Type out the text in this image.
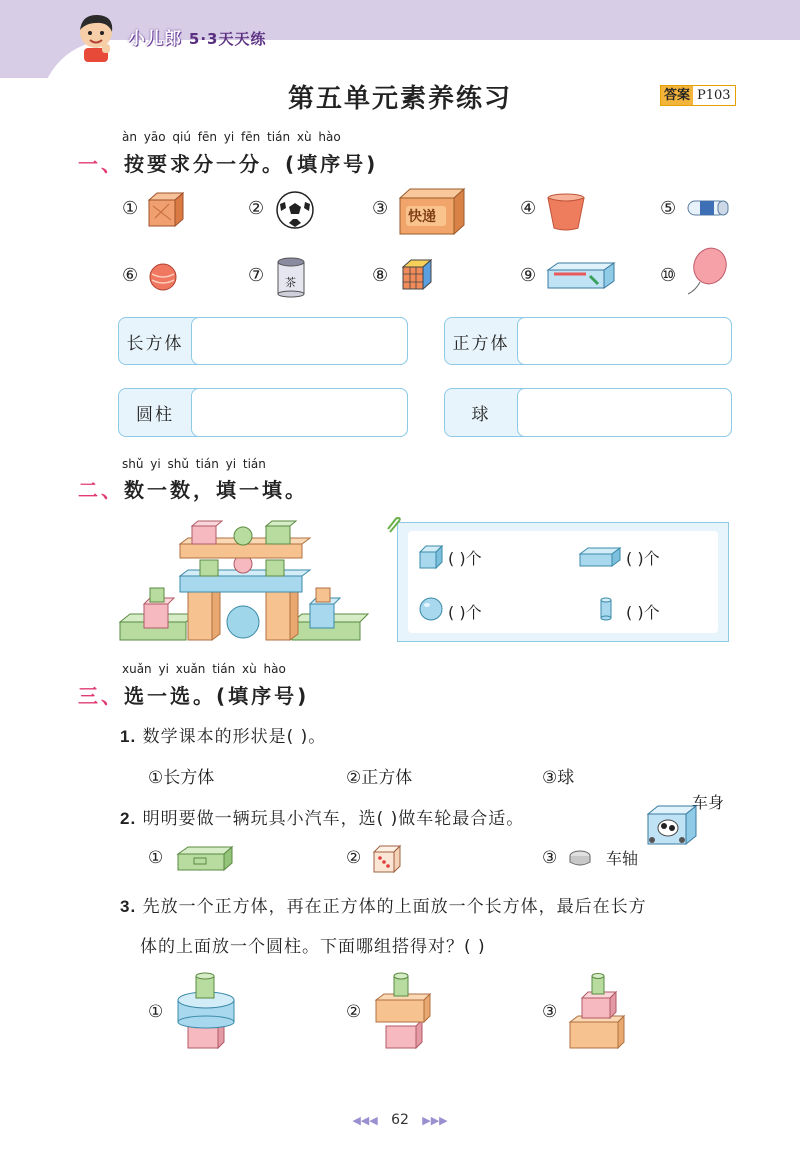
小儿郎 5·3天天练
第五单元素养练习	答案 P103
àn yāo qiú fēn yi fēn tián xù hào
一、按要求分一分。(填序号)
①	②	③ 快递	④	⑤
⑥	⑦ 茶	⑧	⑨	⑩
长方体	正方体
圆柱	球
shǔ yi shǔ tián yi tián
二、数一数，填一填。
( )个	( )个
( )个	( )个
xuǎn yi xuǎn tián xù hào
三、选一选。(填序号)
1. 数学课本的形状是( )。
①长方体	②正方体	③球
2. 明明要做一辆玩具小汽车，选( )做车轮最合适。
车身
车轴
①	②	③
3. 先放一个正方体，再在正方体的上面放一个长方体，最后在长方
体的上面放一个圆柱。下面哪组搭得对？( )
①	②	③
◀◀◀ 62 ▶▶▶
